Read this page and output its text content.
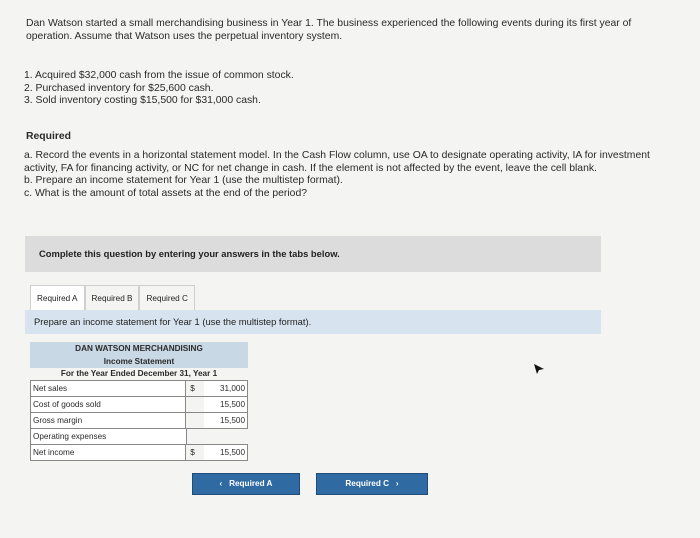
Dan Watson started a small merchandising business in Year 1. The business experienced the following events during its first year of operation. Assume that Watson uses the perpetual inventory system.
1. Acquired $32,000 cash from the issue of common stock.
2. Purchased inventory for $25,600 cash.
3. Sold inventory costing $15,500 for $31,000 cash.
Required
a. Record the events in a horizontal statement model. In the Cash Flow column, use OA to designate operating activity, IA for investment activity, FA for financing activity, or NC for net change in cash. If the element is not affected by the event, leave the cell blank.
b. Prepare an income statement for Year 1 (use the multistep format).
c. What is the amount of total assets at the end of the period?
Complete this question by entering your answers in the tabs below.
Required A	Required B	Required C
Prepare an income statement for Year 1 (use the multistep format).
DAN WATSON MERCHANDISING
Income Statement
For the Year Ended December 31, Year 1
Net sales	$	31,000
Cost of goods sold	15,500
Gross margin	15,500
Operating expenses
Net income	$	15,500
‹ Required A	Required C ›
